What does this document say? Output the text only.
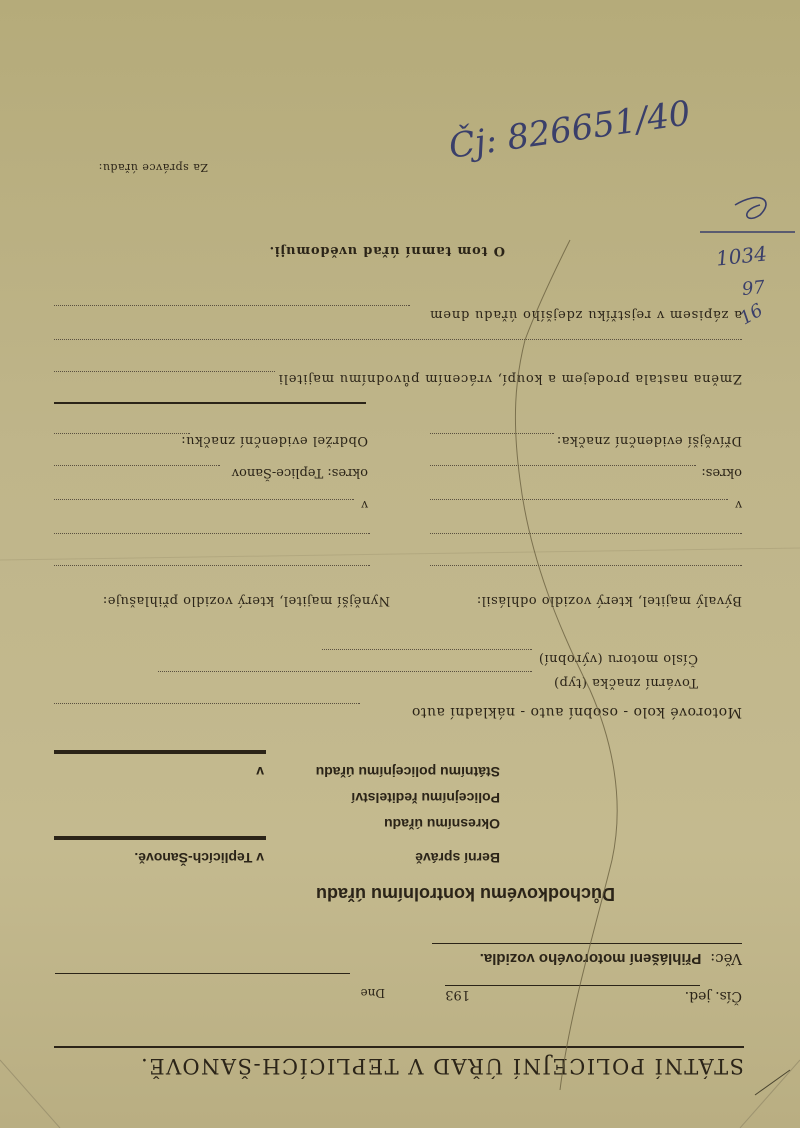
STÁTNÍ POLICEJNÍ ÚŘAD V TEPLICÍCH-ŠANOVĚ.
Čís. jed.
193
Dne
Věc: Přihlášení motorového vozidla.
Důchodkovému kontrolnímu úřadu
Berní správě
v Teplicích-Šanově.
Okresnímu úřadu
Policejnímu ředitelství
Státnímu policejnímu úřadu
v
Motorové kolo - osobní auto - nákladní auto
Tovární značka (typ)
Číslo motoru (výrobní)
Bývalý majitel, který vozidlo odhlásil:
Nynější majitel, který vozidlo přihlašuje:
v
v
okres:
okres: Teplice-Šanov
Dřívější evidenční značka:
Obdržel evidenční značku:
Změna nastala prodejem a koupí, vrácením původnímu majiteli
a zápisem v rejstříku zdejšího úřadu dnem
O tom tamní úřad uvědomuji.
Za správce úřadu:
Čj: 826651/40
1034
97
16
